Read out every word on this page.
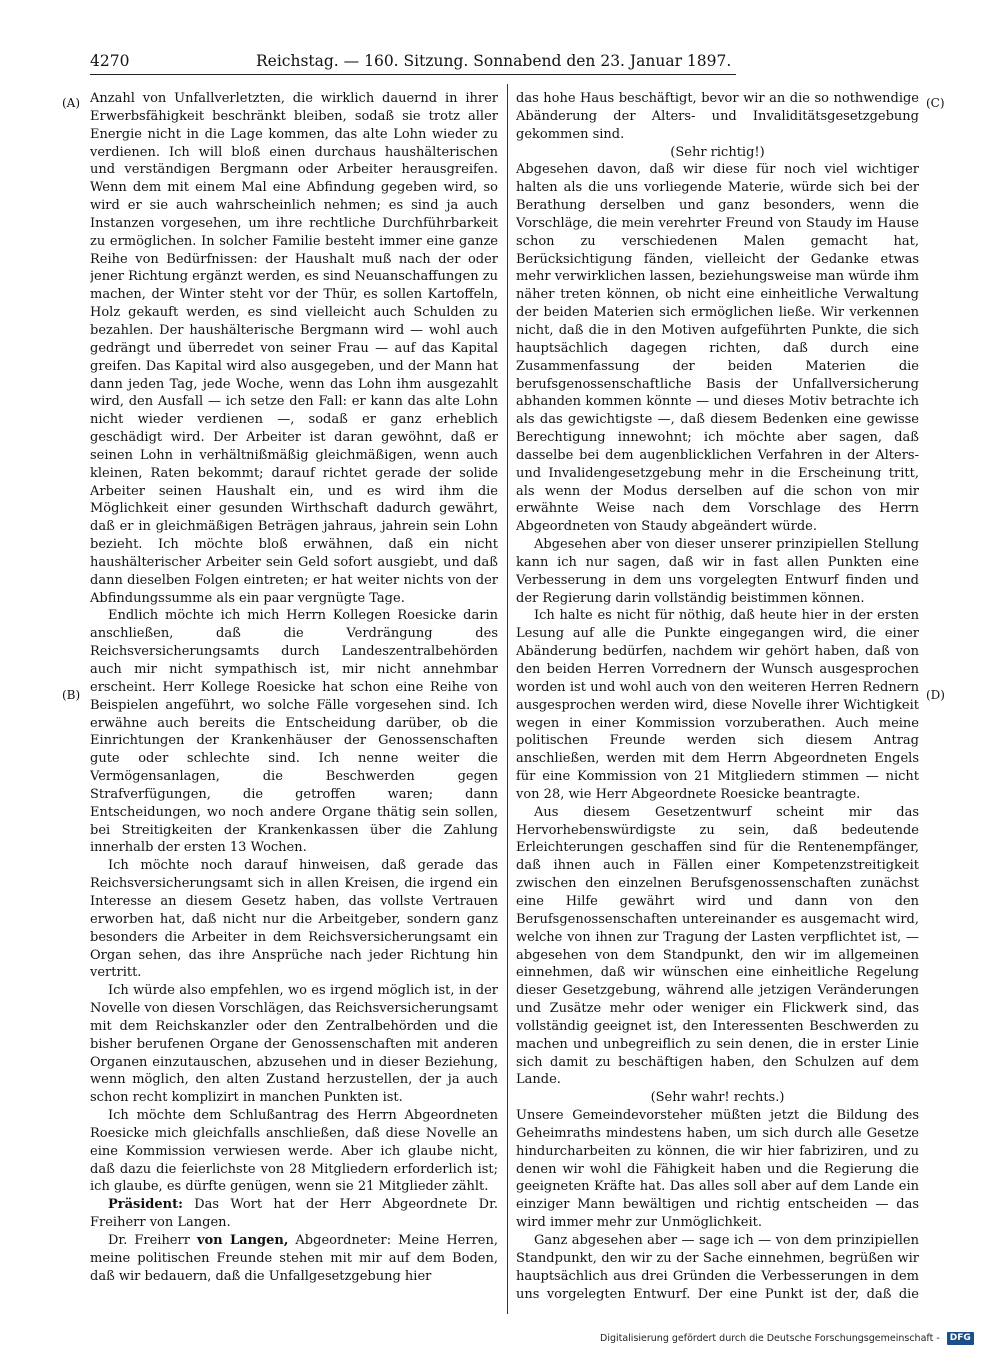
4270	Reichstag. — 160. Sitzung. Sonnabend den 23. Januar 1897.
(A)
(B)
(C)
(D)

Anzahl von Unfallverletzten, die wirklich dauernd in ihrer Erwerbsfähigkeit beschränkt bleiben, sodaß sie trotz aller Energie nicht in die Lage kommen, das alte Lohn wieder zu verdienen. Ich will bloß einen durchaus haushälterischen und verständigen Bergmann oder Arbeiter herausgreifen. Wenn dem mit einem Mal eine Abfindung gegeben wird, so wird er sie auch wahrscheinlich nehmen; es sind ja auch Instanzen vorgesehen, um ihre rechtliche Durchführbarkeit zu ermöglichen. In solcher Familie besteht immer eine ganze Reihe von Bedürfnissen: der Haushalt muß nach der oder jener Richtung ergänzt werden, es sind Neuanschaffungen zu machen, der Winter steht vor der Thür, es sollen Kartoffeln, Holz gekauft werden, es sind vielleicht auch Schulden zu bezahlen. Der haushälterische Bergmann wird — wohl auch gedrängt und überredet von seiner Frau — auf das Kapital greifen. Das Kapital wird also ausgegeben, und der Mann hat dann jeden Tag, jede Woche, wenn das Lohn ihm ausgezahlt wird, den Ausfall — ich setze den Fall: er kann das alte Lohn nicht wieder verdienen —, sodaß er ganz erheblich geschädigt wird. Der Arbeiter ist daran gewöhnt, daß er seinen Lohn in verhältnißmäßig gleichmäßigen, wenn auch kleinen, Raten bekommt; darauf richtet gerade der solide Arbeiter seinen Haushalt ein, und es wird ihm die Möglichkeit einer gesunden Wirthschaft dadurch gewährt, daß er in gleichmäßigen Beträgen jahraus, jahrein sein Lohn bezieht. Ich möchte bloß erwähnen, daß ein nicht haushälterischer Arbeiter sein Geld sofort ausgiebt, und daß dann dieselben Folgen eintreten; er hat weiter nichts von der Abfindungssumme als ein paar vergnügte Tage.

Endlich möchte ich mich Herrn Kollegen Roesicke darin anschließen, daß die Verdrängung des Reichsversicherungsamts durch Landeszentralbehörden auch mir nicht sympathisch ist, mir nicht annehmbar erscheint. Herr Kollege Roesicke hat schon eine Reihe von Beispielen angeführt, wo solche Fälle vorgesehen sind. Ich erwähne auch bereits die Entscheidung darüber, ob die Einrichtungen der Krankenhäuser der Genossenschaften gute oder schlechte sind. Ich nenne weiter die Vermögensanlagen, die Beschwerden gegen Strafverfügungen, die getroffen waren; dann Entscheidungen, wo noch andere Organe thätig sein sollen, bei Streitigkeiten der Krankenkassen über die Zahlung innerhalb der ersten 13 Wochen.

Ich möchte noch darauf hinweisen, daß gerade das Reichsversicherungsamt sich in allen Kreisen, die irgend ein Interesse an diesem Gesetz haben, das vollste Vertrauen erworben hat, daß nicht nur die Arbeitgeber, sondern ganz besonders die Arbeiter in dem Reichsversicherungsamt ein Organ sehen, das ihre Ansprüche nach jeder Richtung hin vertritt.

Ich würde also empfehlen, wo es irgend möglich ist, in der Novelle von diesen Vorschlägen, das Reichsversicherungsamt mit dem Reichskanzler oder den Zentralbehörden und die bisher berufenen Organe der Genossenschaften mit anderen Organen einzutauschen, abzusehen und in dieser Beziehung, wenn möglich, den alten Zustand herzustellen, der ja auch schon recht komplizirt in manchen Punkten ist.

Ich möchte dem Schlußantrag des Herrn Abgeordneten Roesicke mich gleichfalls anschließen, daß diese Novelle an eine Kommission verwiesen werde. Aber ich glaube nicht, daß dazu die feierlichste von 28 Mitgliedern erforderlich ist; ich glaube, es dürfte genügen, wenn sie 21 Mitglieder zählt.

Präsident: Das Wort hat der Herr Abgeordnete Dr. Freiherr von Langen.

Dr. Freiherr von Langen, Abgeordneter: Meine Herren, meine politischen Freunde stehen mit mir auf dem Boden, daß wir bedauern, daß die Unfallgesetzgebung hier

das hohe Haus beschäftigt, bevor wir an die so nothwendige Abänderung der Alters- und Invaliditätsgesetzgebung gekommen sind.

(Sehr richtig!)

Abgesehen davon, daß wir diese für noch viel wichtiger halten als die uns vorliegende Materie, würde sich bei der Berathung derselben und ganz besonders, wenn die Vorschläge, die mein verehrter Freund von Staudy im Hause schon zu verschiedenen Malen gemacht hat, Berücksichtigung fänden, vielleicht der Gedanke etwas mehr verwirklichen lassen, beziehungsweise man würde ihm näher treten können, ob nicht eine einheitliche Verwaltung der beiden Materien sich ermöglichen ließe. Wir verkennen nicht, daß die in den Motiven aufgeführten Punkte, die sich hauptsächlich dagegen richten, daß durch eine Zusammenfassung der beiden Materien die berufsgenossenschaftliche Basis der Unfallversicherung abhanden kommen könnte — und dieses Motiv betrachte ich als das gewichtigste —, daß diesem Bedenken eine gewisse Berechtigung innewohnt; ich möchte aber sagen, daß dasselbe bei dem augenblicklichen Verfahren in der Alters- und Invalidengesetzgebung mehr in die Erscheinung tritt, als wenn der Modus derselben auf die schon von mir erwähnte Weise nach dem Vorschlage des Herrn Abgeordneten von Staudy abgeändert würde.

Abgesehen aber von dieser unserer prinzipiellen Stellung kann ich nur sagen, daß wir in fast allen Punkten eine Verbesserung in dem uns vorgelegten Entwurf finden und der Regierung darin vollständig beistimmen können.

Ich halte es nicht für nöthig, daß heute hier in der ersten Lesung auf alle die Punkte eingegangen wird, die einer Abänderung bedürfen, nachdem wir gehört haben, daß von den beiden Herren Vorrednern der Wunsch ausgesprochen worden ist und wohl auch von den weiteren Herren Rednern ausgesprochen werden wird, diese Novelle ihrer Wichtigkeit wegen in einer Kommission vorzuberathen. Auch meine politischen Freunde werden sich diesem Antrag anschließen, werden mit dem Herrn Abgeordneten Engels für eine Kommission von 21 Mitgliedern stimmen — nicht von 28, wie Herr Abgeordnete Roesicke beantragte.

Aus diesem Gesetzentwurf scheint mir das Hervorhebenswürdigste zu sein, daß bedeutende Erleichterungen geschaffen sind für die Rentenempfänger, daß ihnen auch in Fällen einer Kompetenzstreitigkeit zwischen den einzelnen Berufsgenossenschaften zunächst eine Hilfe gewährt wird und dann von den Berufsgenossenschaften untereinander es ausgemacht wird, welche von ihnen zur Tragung der Lasten verpflichtet ist, — abgesehen von dem Standpunkt, den wir im allgemeinen einnehmen, daß wir wünschen eine einheitliche Regelung dieser Gesetzgebung, während alle jetzigen Veränderungen und Zusätze mehr oder weniger ein Flickwerk sind, das vollständig geeignet ist, den Interessenten Beschwerden zu machen und unbegreiflich zu sein denen, die in erster Linie sich damit zu beschäftigen haben, den Schulzen auf dem Lande.

(Sehr wahr! rechts.)

Unsere Gemeindevorsteher müßten jetzt die Bildung des Geheimraths mindestens haben, um sich durch alle Gesetze hindurcharbeiten zu können, die wir hier fabriziren, und zu denen wir wohl die Fähigkeit haben und die Regierung die geeigneten Kräfte hat. Das alles soll aber auf dem Lande ein einziger Mann bewältigen und richtig entscheiden — das wird immer mehr zur Unmöglichkeit.

Ganz abgesehen aber — sage ich — von dem prinzipiellen Standpunkt, den wir zu der Sache einnehmen, begrüßen wir hauptsächlich aus drei Gründen die Verbesserungen in dem uns vorgelegten Entwurf. Der eine Punkt ist der, daß die

Digitalisierung gefördert durch die Deutsche Forschungsgemeinschaft - DFG
